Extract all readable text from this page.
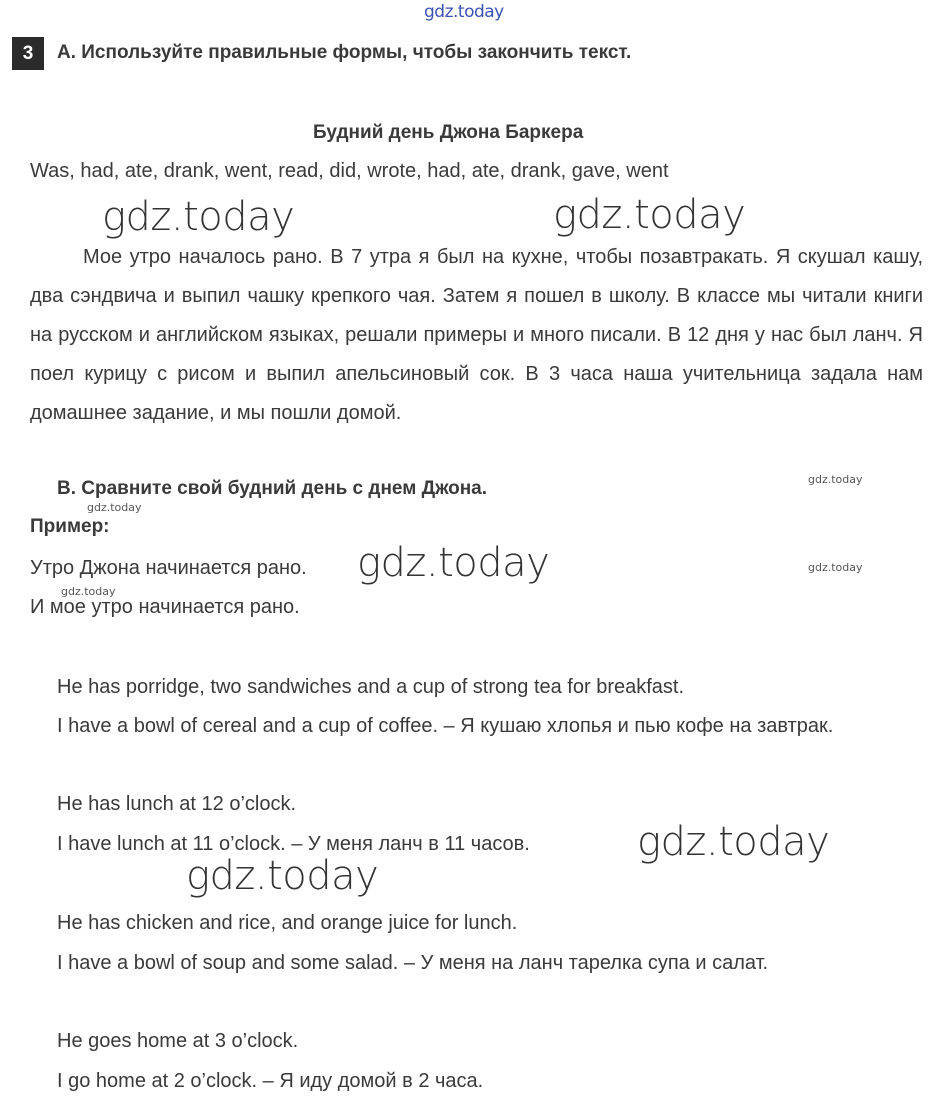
gdz.today
3	A. Используйте правильные формы, чтобы закончить текст.
Будний день Джона Баркера
Was, had, ate, drank, went, read, did, wrote, had, ate, drank, gave, went
gdz.today	gdz.today
Мое утро началось рано. В 7 утра я был на кухне, чтобы позавтракать. Я скушал кашу, два сэндвича и выпил чашку крепкого чая. Затем я пошел в школу. В классе мы читали книги на русском и английском языках, решали примеры и много писали. В 12 дня у нас был ланч. Я поел курицу с рисом и выпил апельсиновый сок. В 3 часа наша учительница задала нам домашнее задание, и мы пошли домой.
B. Сравните свой будний день с днем Джона.	gdz.today
gdz.today
Пример:
Утро Джона начинается рано. gdz.today	gdz.today
gdz.today
И мое утро начинается рано.
He has porridge, two sandwiches and a cup of strong tea for breakfast.
I have a bowl of cereal and a cup of coffee. – Я кушаю хлопья и пью кофе на завтрак.
He has lunch at 12 o’clock.
I have lunch at 11 o’clock. – У меня ланч в 11 часов.	gdz.today
gdz.today
He has chicken and rice, and orange juice for lunch.
I have a bowl of soup and some salad. – У меня на ланч тарелка супа и салат.
He goes home at 3 o’clock.
I go home at 2 o’clock. – Я иду домой в 2 часа.
